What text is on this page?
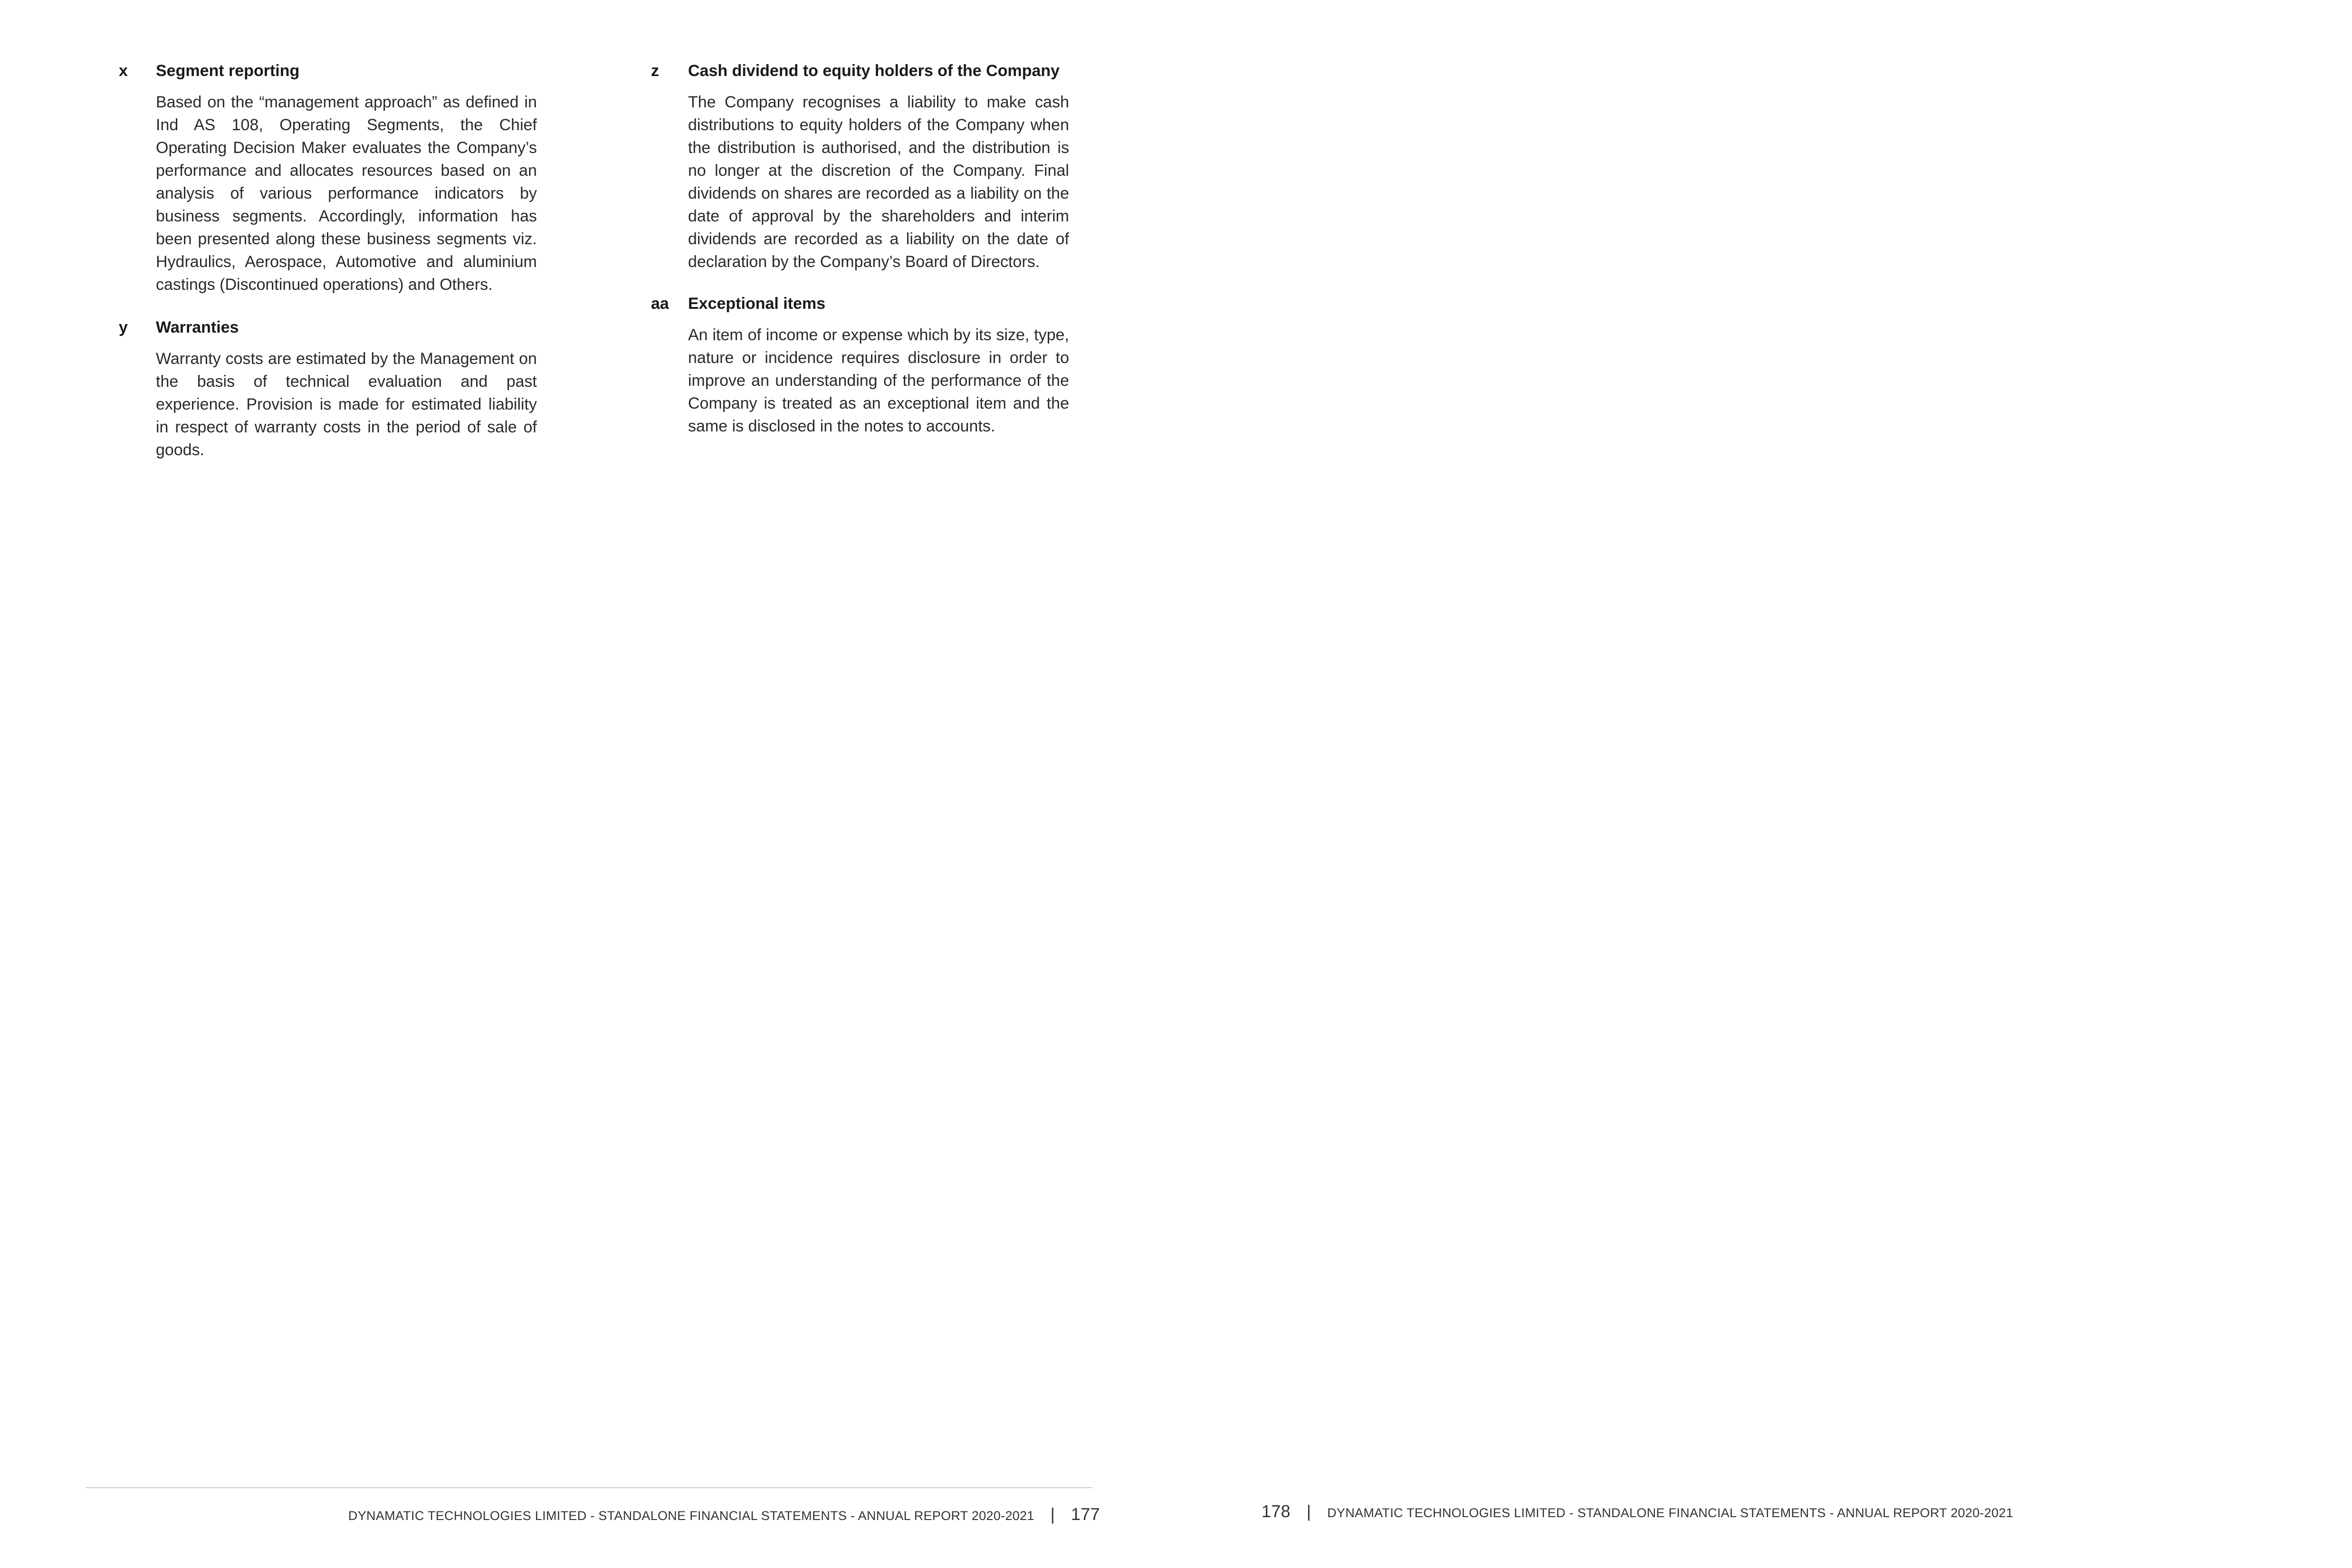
x Segment reporting
Based on the “management approach” as defined in Ind AS 108, Operating Segments, the Chief Operating Decision Maker evaluates the Company’s performance and allocates resources based on an analysis of various performance indicators by business segments. Accordingly, information has been presented along these business segments viz. Hydraulics, Aerospace, Automotive and aluminium castings (Discontinued operations) and Others.
y Warranties
Warranty costs are estimated by the Management on the basis of technical evaluation and past experience. Provision is made for estimated liability in respect of warranty costs in the period of sale of goods.
z Cash dividend to equity holders of the Company
The Company recognises a liability to make cash distributions to equity holders of the Company when the distribution is authorised, and the distribution is no longer at the discretion of the Company. Final dividends on shares are recorded as a liability on the date of approval by the shareholders and interim dividends are recorded as a liability on the date of declaration by the Company’s Board of Directors.
aa Exceptional items
An item of income or expense which by its size, type, nature or incidence requires disclosure in order to improve an understanding of the performance of the Company is treated as an exceptional item and the same is disclosed in the notes to accounts.
DYNAMATIC TECHNOLOGIES LIMITED - STANDALONE FINANCIAL STATEMENTS - ANNUAL REPORT 2020-2021 | 177

															178 | DYNAMATIC TECHNOLOGIES LIMITED - STANDALONE FINANCIAL STATEMENTS - ANNUAL REPORT 2020-2021
